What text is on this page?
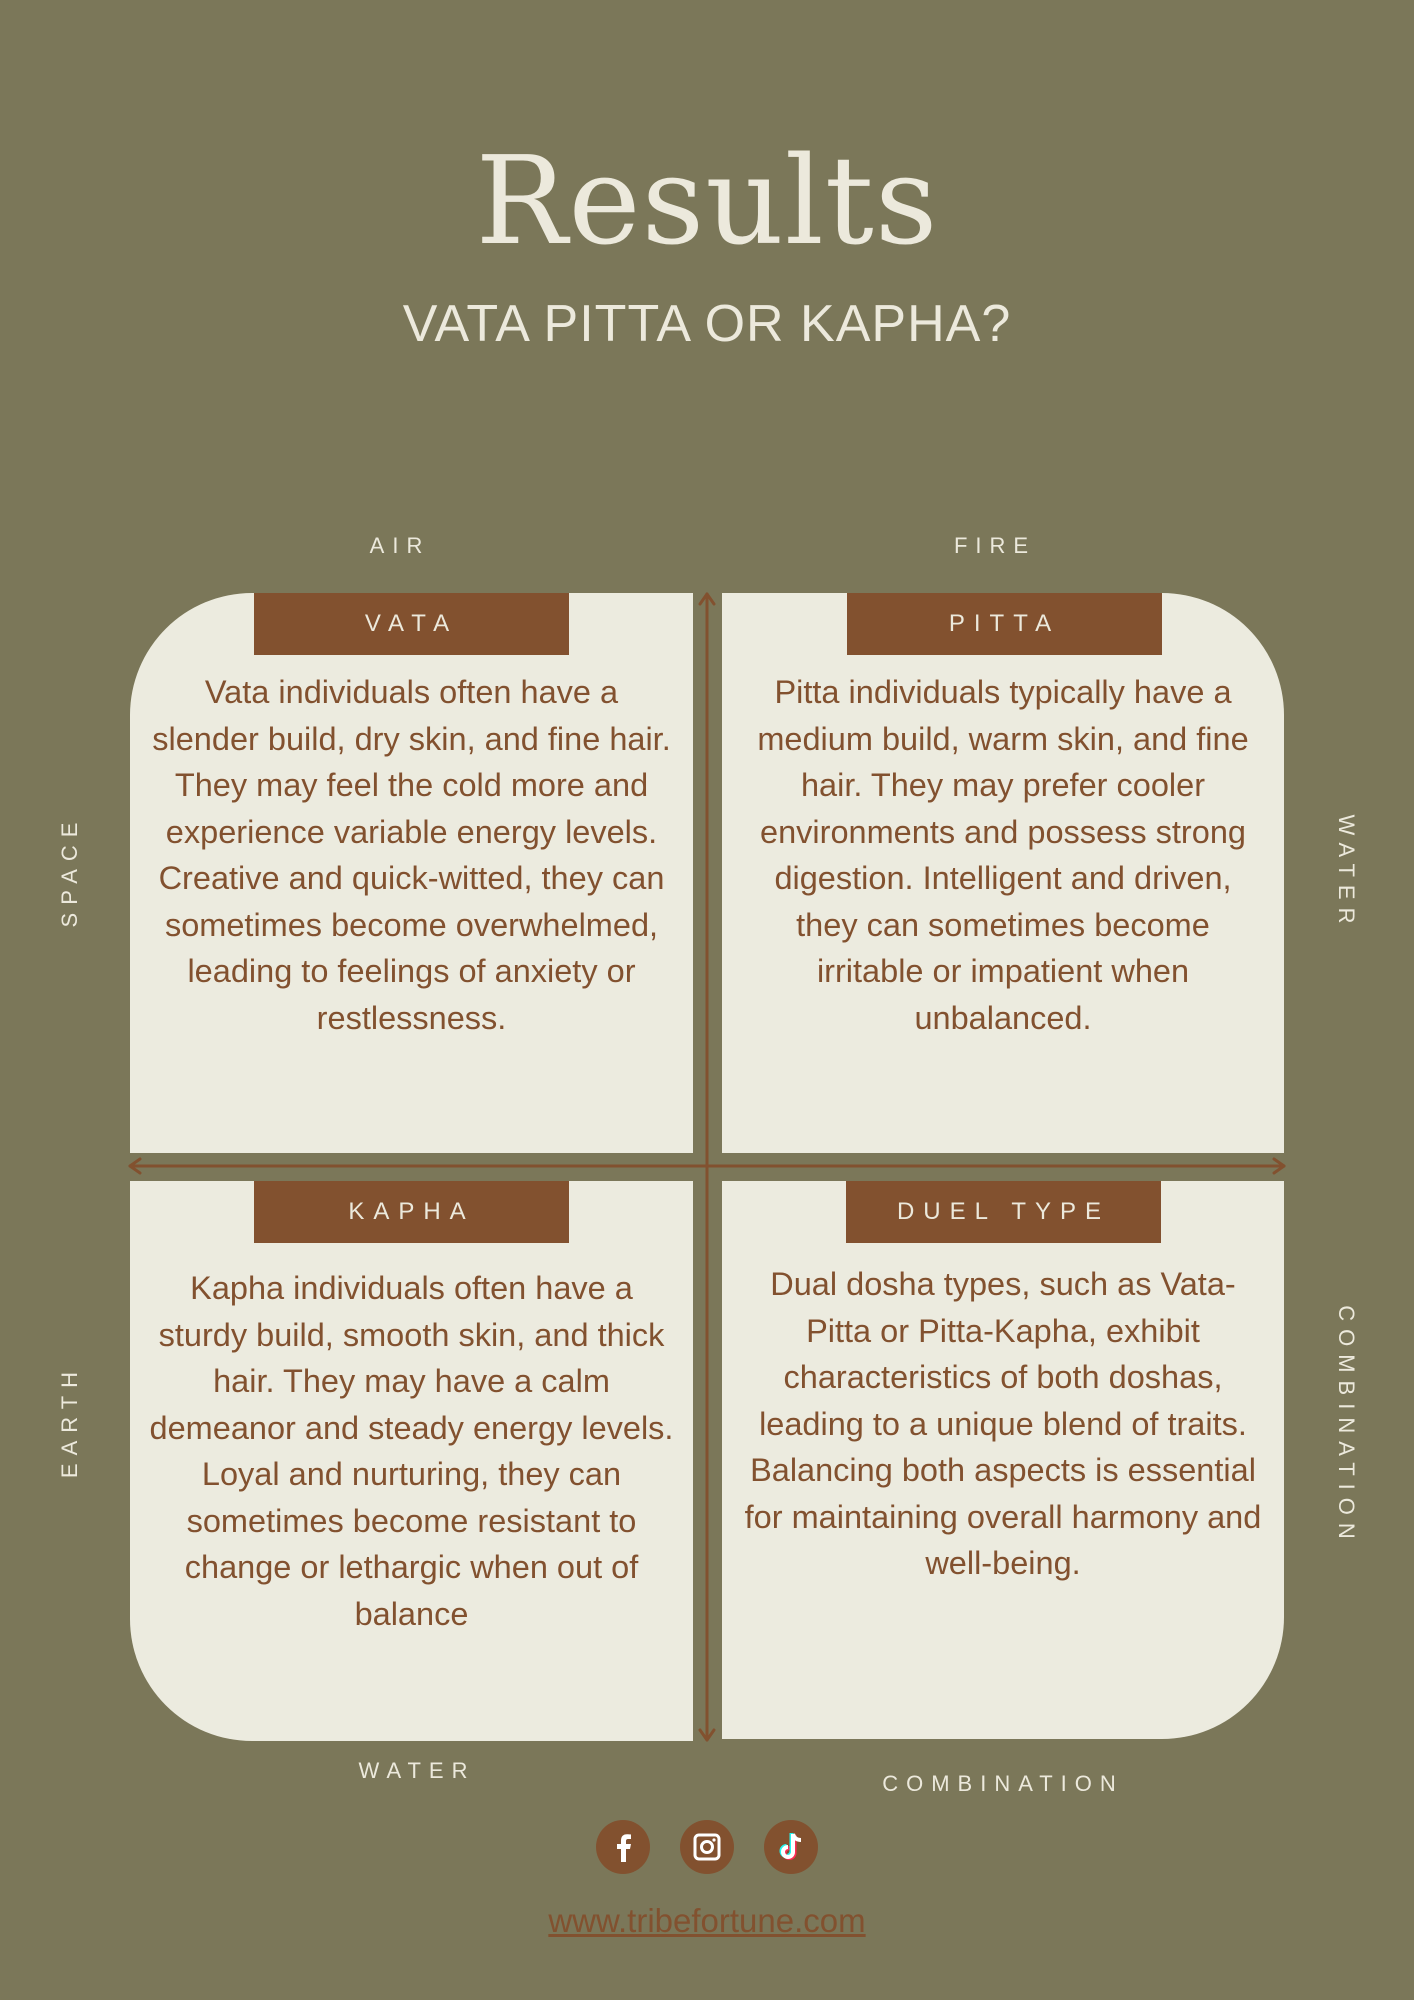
Results
VATA PITTA OR KAPHA?
AIR	FIRE
WATER
COMBINATION
SPACE
EARTH
WATER
COMBINATION
VATA
Vata individuals often have a slender build, dry skin, and fine hair. They may feel the cold more and experience variable energy levels. Creative and quick-witted, they can sometimes become overwhelmed, leading to feelings of anxiety or restlessness.
PITTA
Pitta individuals typically have a medium build, warm skin, and fine hair. They may prefer cooler environments and possess strong digestion. Intelligent and driven, they can sometimes become irritable or impatient when unbalanced.
KAPHA
Kapha individuals often have a sturdy build, smooth skin, and thick hair. They may have a calm demeanor and steady energy levels. Loyal and nurturing, they can sometimes become resistant to change or lethargic when out of balance
DUEL TYPE
Dual dosha types, such as Vata-Pitta or Pitta-Kapha, exhibit characteristics of both doshas, leading to a unique blend of traits. Balancing both aspects is essential for maintaining overall harmony and well-being.
www.tribefortune.com
